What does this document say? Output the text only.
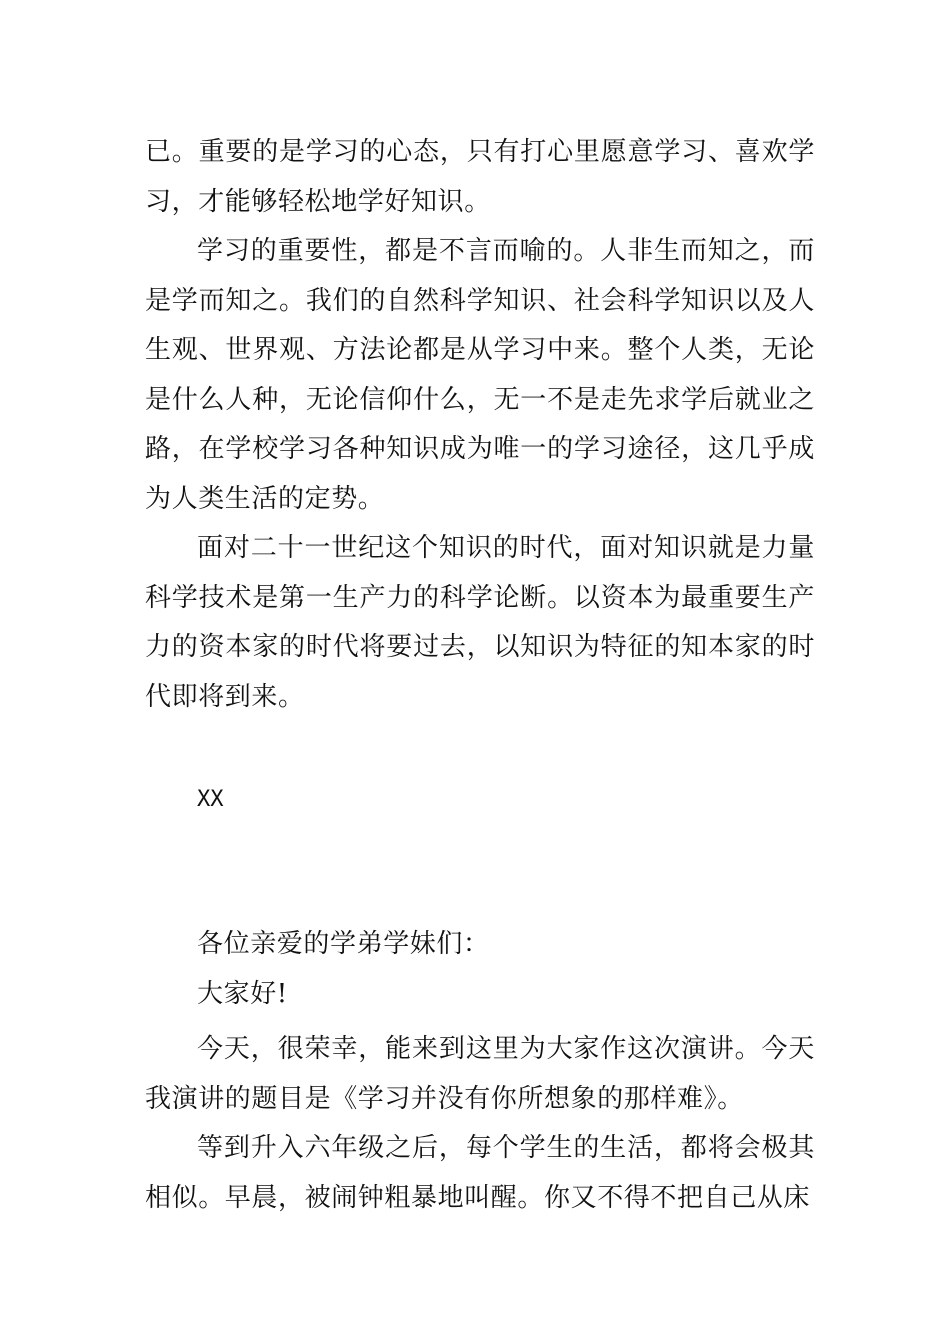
已。重要的是学习的心态，只有打心里愿意学习、喜欢学习，才能够轻松地学好知识。

学习的重要性，都是不言而喻的。人非生而知之，而是学而知之。我们的自然科学知识、社会科学知识以及人生观、世界观、方法论都是从学习中来。整个人类，无论是什么人种，无论信仰什么，无一不是走先求学后就业之路，在学校学习各种知识成为唯一的学习途径，这几乎成为人类生活的定势。

面对二十一世纪这个知识的时代，面对知识就是力量科学技术是第一生产力的科学论断。以资本为最重要生产力的资本家的时代将要过去，以知识为特征的知本家的时代即将到来。

XX
各位亲爱的学弟学妹们：
大家好!

今天，很荣幸，能来到这里为大家作这次演讲。今天我演讲的题目是《学习并没有你所想象的那样难》。

等到升入六年级之后，每个学生的生活，都将会极其相似。早晨，被闹钟粗暴地叫醒。你又不得不把自己从床
